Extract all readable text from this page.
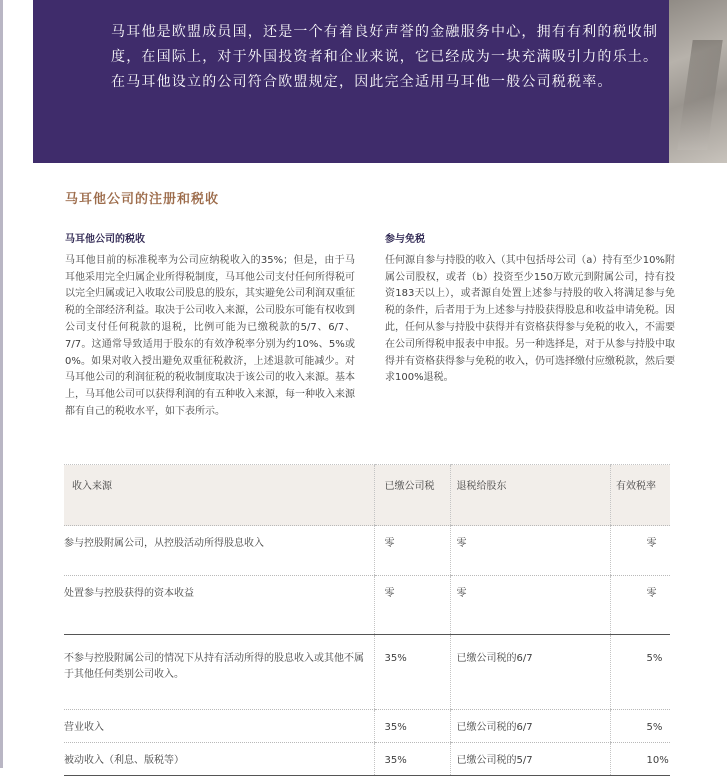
马耳他是欧盟成员国，还是一个有着良好声誉的金融服务中心，拥有有利的税收制度，在国际上，对于外国投资者和企业来说，它已经成为一块充满吸引力的乐土。在马耳他设立的公司符合欧盟规定，因此完全适用马耳他一般公司税税率。

马耳他公司的注册和税收
马耳他公司的税收

马耳他目前的标准税率为公司应纳税收入的35%；但是，由于马耳他采用完全归属企业所得税制度，马耳他公司支付任何所得税可以完全归属或记入收取公司股息的股东，其实避免公司利润双重征税的全部经济利益。取决于公司收入来源，公司股东可能有权收到公司支付任何税款的退税，比例可能为已缴税款的5/7、6/7、7/7。这通常导致适用于股东的有效净税率分别为约10%、5%或0%。如果对收入授出避免双重征税救济，上述退款可能减少。对马耳他公司的利润征税的税收制度取决于该公司的收入来源。基本上，马耳他公司可以获得利润的有五种收入来源，每一种收入来源都有自己的税收水平，如下表所示。

参与免税

任何源自参与持股的收入（其中包括母公司（a）持有至少10%附属公司股权，或者（b）投资至少150万欧元到附属公司，持有投资183天以上），或者源自处置上述参与持股的收入将满足参与免税的条件，后者用于为上述参与持股获得股息和收益申请免税。因此，任何从参与持股中获得并有资格获得参与免税的收入，不需要在公司所得税申报表中申报。另一种选择是，对于从参与持股中取得并有资格获得参与免税的收入，仍可选择缴付应缴税款，然后要求100%退税。

收入来源	已缴公司税	退税给股东	有效税率
参与控股附属公司，从控股活动所得股息收入	零	零	零
处置参与控股获得的资本收益	零	零	零
不参与控股附属公司的情况下从持有活动所得的股息收入或其他不属于其他任何类别公司收入。	35%	已缴公司税的6/7	5%
营业收入	35%	已缴公司税的6/7	5%
被动收入（利息、版税等）	35%	已缴公司税的5/7	10%
